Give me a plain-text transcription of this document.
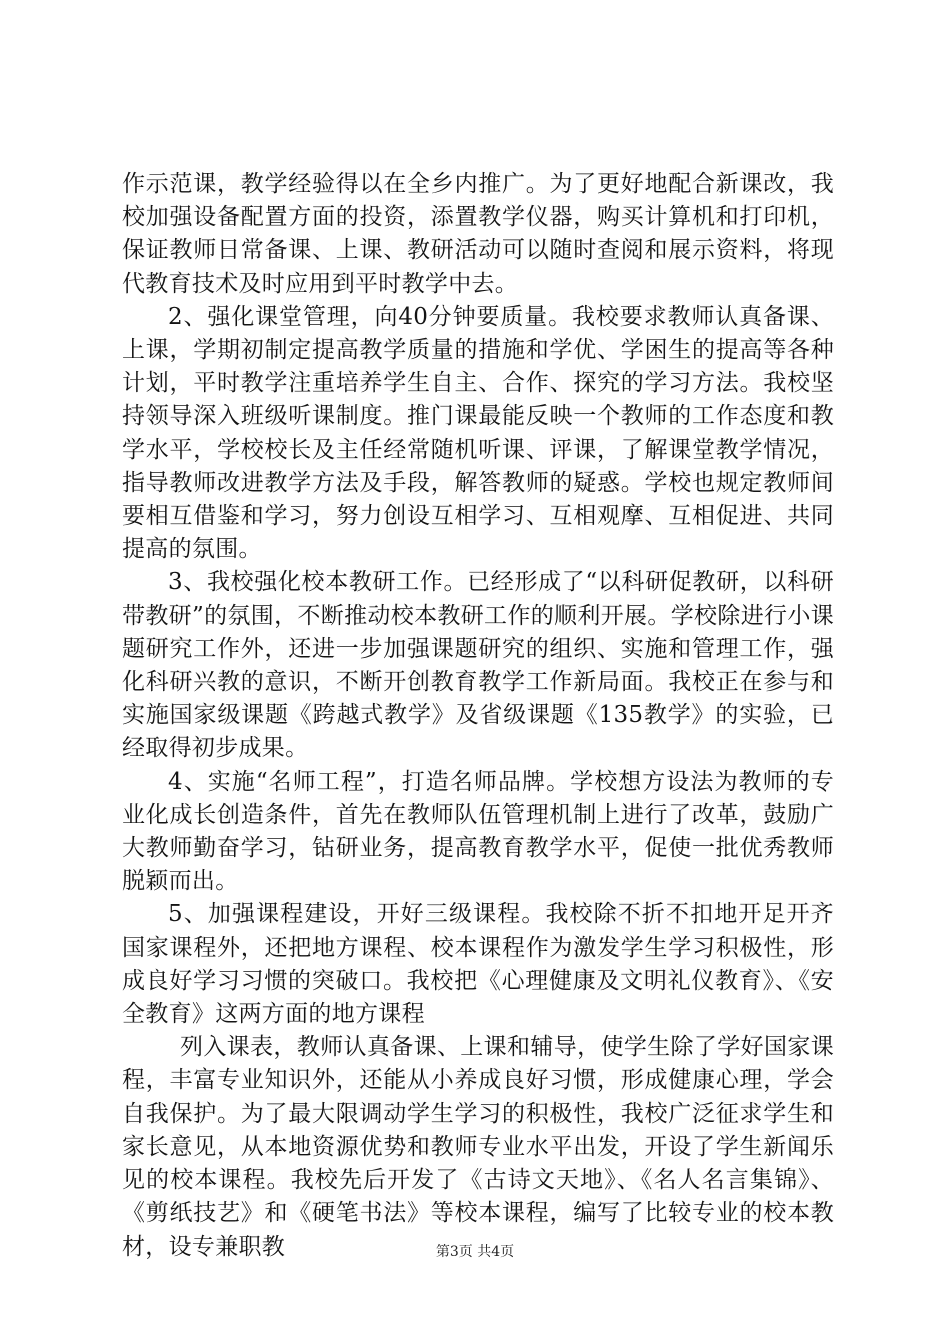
作示范课，教学经验得以在全乡内推广。为了更好地配合新课改，我校加强设备配置方面的投资，添置教学仪器，购买计算机和打印机，保证教师日常备课、上课、教研活动可以随时查阅和展示资料，将现代教育技术及时应用到平时教学中去。

2、强化课堂管理，向40分钟要质量。我校要求教师认真备课、上课，学期初制定提高教学质量的措施和学优、学困生的提高等各种计划，平时教学注重培养学生自主、合作、探究的学习方法。我校坚持领导深入班级听课制度。推门课最能反映一个教师的工作态度和教学水平，学校校长及主任经常随机听课、评课，了解课堂教学情况，指导教师改进教学方法及手段，解答教师的疑惑。学校也规定教师间要相互借鉴和学习，努力创设互相学习、互相观摩、互相促进、共同提高的氛围。

3、我校强化校本教研工作。已经形成了“以科研促教研，以科研带教研”的氛围，不断推动校本教研工作的顺利开展。学校除进行小课题研究工作外，还进一步加强课题研究的组织、实施和管理工作，强化科研兴教的意识，不断开创教育教学工作新局面。我校正在参与和实施国家级课题《跨越式教学》及省级课题《135教学》的实验，已经取得初步成果。

4、实施“名师工程”，打造名师品牌。学校想方设法为教师的专业化成长创造条件，首先在教师队伍管理机制上进行了改革，鼓励广大教师勤奋学习，钻研业务，提高教育教学水平，促使一批优秀教师脱颖而出。

5、加强课程建设，开好三级课程。我校除不折不扣地开足开齐国家课程外，还把地方课程、校本课程作为激发学生学习积极性，形成良好学习习惯的突破口。我校把《心理健康及文明礼仪教育》、《安全教育》这两方面的地方课程

列入课表，教师认真备课、上课和辅导，使学生除了学好国家课程，丰富专业知识外，还能从小养成良好习惯，形成健康心理，学会自我保护。为了最大限调动学生学习的积极性，我校广泛征求学生和家长意见，从本地资源优势和教师专业水平出发，开设了学生新闻乐见的校本课程。我校先后开发了《古诗文天地》、《名人名言集锦》、《剪纸技艺》和《硬笔书法》等校本课程，编写了比较专业的校本教材，设专兼职教	第3页 共4页
